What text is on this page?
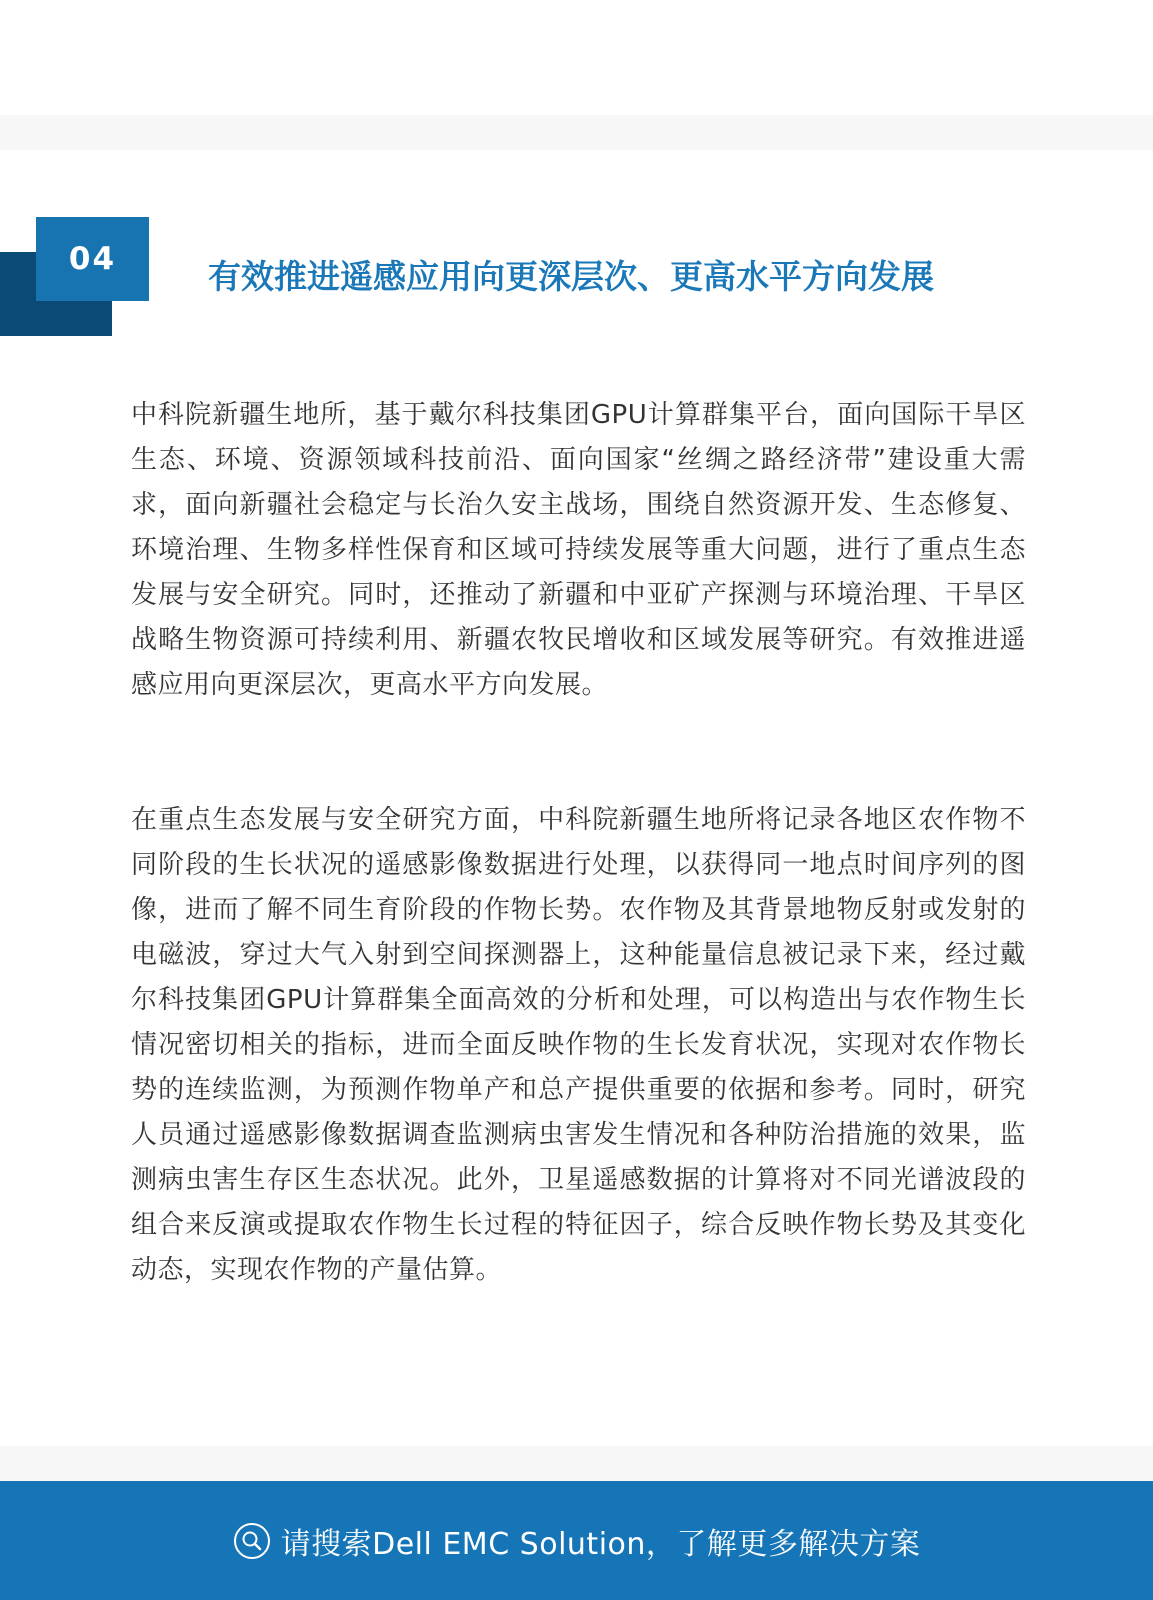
04	有效推进遥感应用向更深层次、更高水平方向发展

中科院新疆生地所，基于戴尔科技集团GPU计算群集平台，面向国际干旱区生态、环境、资源领域科技前沿、面向国家“丝绸之路经济带”建设重大需求，面向新疆社会稳定与长治久安主战场，围绕自然资源开发、生态修复、环境治理、生物多样性保育和区域可持续发展等重大问题，进行了重点生态发展与安全研究。同时，还推动了新疆和中亚矿产探测与环境治理、干旱区战略生物资源可持续利用、新疆农牧民增收和区域发展等研究。有效推进遥感应用向更深层次，更高水平方向发展。

在重点生态发展与安全研究方面，中科院新疆生地所将记录各地区农作物不同阶段的生长状况的遥感影像数据进行处理，以获得同一地点时间序列的图像，进而了解不同生育阶段的作物长势。农作物及其背景地物反射或发射的电磁波，穿过大气入射到空间探测器上，这种能量信息被记录下来，经过戴尔科技集团GPU计算群集全面高效的分析和处理，可以构造出与农作物生长情况密切相关的指标，进而全面反映作物的生长发育状况，实现对农作物长势的连续监测，为预测作物单产和总产提供重要的依据和参考。同时，研究人员通过遥感影像数据调查监测病虫害发生情况和各种防治措施的效果，监测病虫害生存区生态状况。此外，卫星遥感数据的计算将对不同光谱波段的组合来反演或提取农作物生长过程的特征因子，综合反映作物长势及其变化动态，实现农作物的产量估算。

请搜索Dell EMC Solution，了解更多解决方案
